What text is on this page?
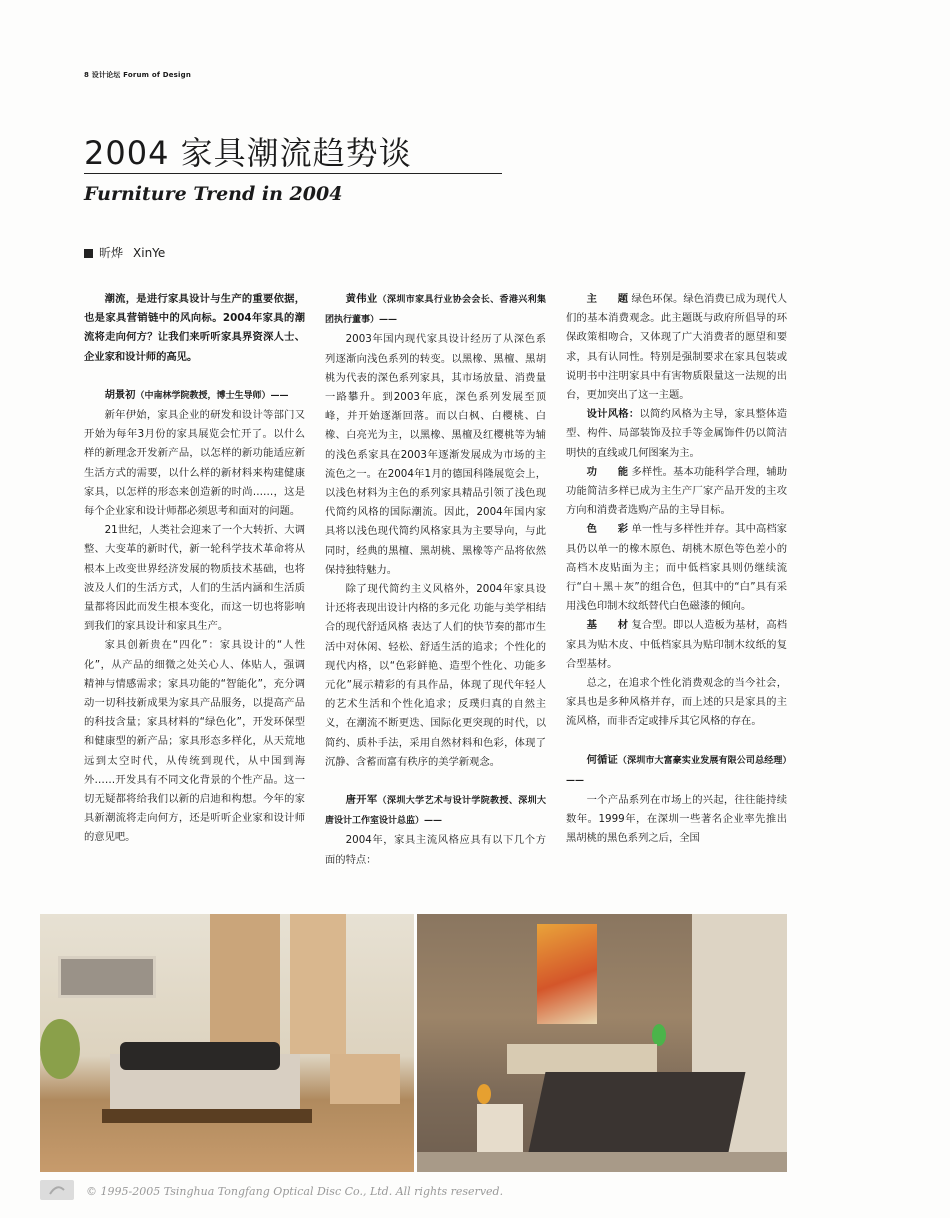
8 设计论坛 Forum of Design
2004 家具潮流趋势谈
Furniture Trend in 2004
昕烨 XinYe

潮流，是进行家具设计与生产的重要依据，也是家具营销链中的风向标。2004年家具的潮流将走向何方？让我们来听听家具界资深人士、企业家和设计师的高见。

胡景初（中南林学院教授，博士生导师）——

新年伊始，家具企业的研发和设计等部门又开始为每年3月份的家具展览会忙开了。以什么样的新理念开发新产品，以怎样的新功能适应新生活方式的需要，以什么样的新材料来构建健康家具，以怎样的形态来创造新的时尚……，这是每个企业家和设计师都必须思考和面对的问题。

21世纪，人类社会迎来了一个大转折、大调整、大变革的新时代，新一轮科学技术革命将从根本上改变世界经济发展的物质技术基础，也将波及人们的生活方式，人们的生活内涵和生活质量都将因此而发生根本变化，而这一切也将影响到我们的家具设计和家具生产。

家具创新贵在“四化”：家具设计的“人性化”，从产品的细微之处关心人、体贴人，强调精神与情感需求；家具功能的“智能化”，充分调动一切科技新成果为家具产品服务，以提高产品的科技含量；家具材料的“绿色化”，开发环保型和健康型的新产品；家具形态多样化，从天荒地远到太空时代，从传统到现代，从中国到海外……开发具有不同文化背景的个性产品。这一切无疑都将给我们以新的启迪和构想。今年的家具新潮流将走向何方，还是听听企业家和设计师的意见吧。

黄伟业（深圳市家具行业协会会长、香港兴利集团执行董事）——

2003年国内现代家具设计经历了从深色系列逐渐向浅色系列的转变。以黑橡、黑檀、黑胡桃为代表的深色系列家具，其市场放量、消费量一路攀升。到2003年底，深色系列发展至顶峰，并开始逐渐回落。而以白枫、白樱桃、白橡、白亮光为主，以黑橡、黑檀及红樱桃等为辅的浅色系家具在2003年逐渐发展成为市场的主流色之一。在2004年1月的德国科隆展览会上，以浅色材料为主色的系列家具精品引领了浅色现代简约风格的国际潮流。因此，2004年国内家具将以浅色现代简约风格家具为主要导向，与此同时，经典的黑檀、黑胡桃、黑橡等产品将依然保持独特魅力。

除了现代简约主义风格外，2004年家具设计还将表现出设计内格的多元化 功能与美学相结合的现代舒适风格 表达了人们的快节奏的都市生活中对休闲、轻松、舒适生活的追求；个性化的现代内格，以“色彩鲜艳、造型个性化、功能多元化”展示精彩的有具作品，体现了现代年轻人的艺术生活和个性化追求；反璞归真的自然主义，在潮流不断更迭、国际化更突现的时代，以简约、质朴手法，采用自然材料和色彩，体现了沉静、含蓄而富有秩序的美学新观念。

唐开军（深圳大学艺术与设计学院教授、深圳大唐设计工作室设计总监）——

2004年，家具主流风格应具有以下几个方面的特点：

主　　题 绿色环保。绿色消费已成为现代人们的基本消费观念。此主题既与政府所倡导的环保政策相吻合，又体现了广大消费者的愿望和要求，具有认同性。特别是强制要求在家具包装或说明书中注明家具中有害物质限量这一法规的出台，更加突出了这一主题。

设计风格：以简约风格为主导，家具整体造型、构件、局部装饰及拉手等金属饰件仍以简洁明快的直线或几何图案为主。

功　　能 多样性。基本功能科学合理，辅助功能简洁多样已成为主生产厂家产品开发的主攻方向和消费者选购产品的主导目标。

色　　彩 单一性与多样性并存。其中高档家具仍以单一的橡木原色、胡桃木原色等色差小的高档木皮贴面为主；而中低档家具则仍继续流行“白＋黑＋灰”的组合色，但其中的“白”具有采用浅色印制木纹纸替代白色磁漆的倾向。

基　　材 复合型。即以人造板为基材，高档家具为贴木皮、中低档家具为贴印制木纹纸的复合型基材。

总之，在追求个性化消费观念的当今社会，家具也是多种风格并存，而上述的只是家具的主流风格，而非否定或排斥其它风格的存在。

何循证（深圳市大富豪实业发展有限公司总经理）——

一个产品系列在市场上的兴起，往往能持续数年。1999年，在深圳一些著名企业率先推出黑胡桃的黑色系列之后，全国

© 1995-2005 Tsinghua Tongfang Optical Disc Co., Ltd. All rights reserved.
